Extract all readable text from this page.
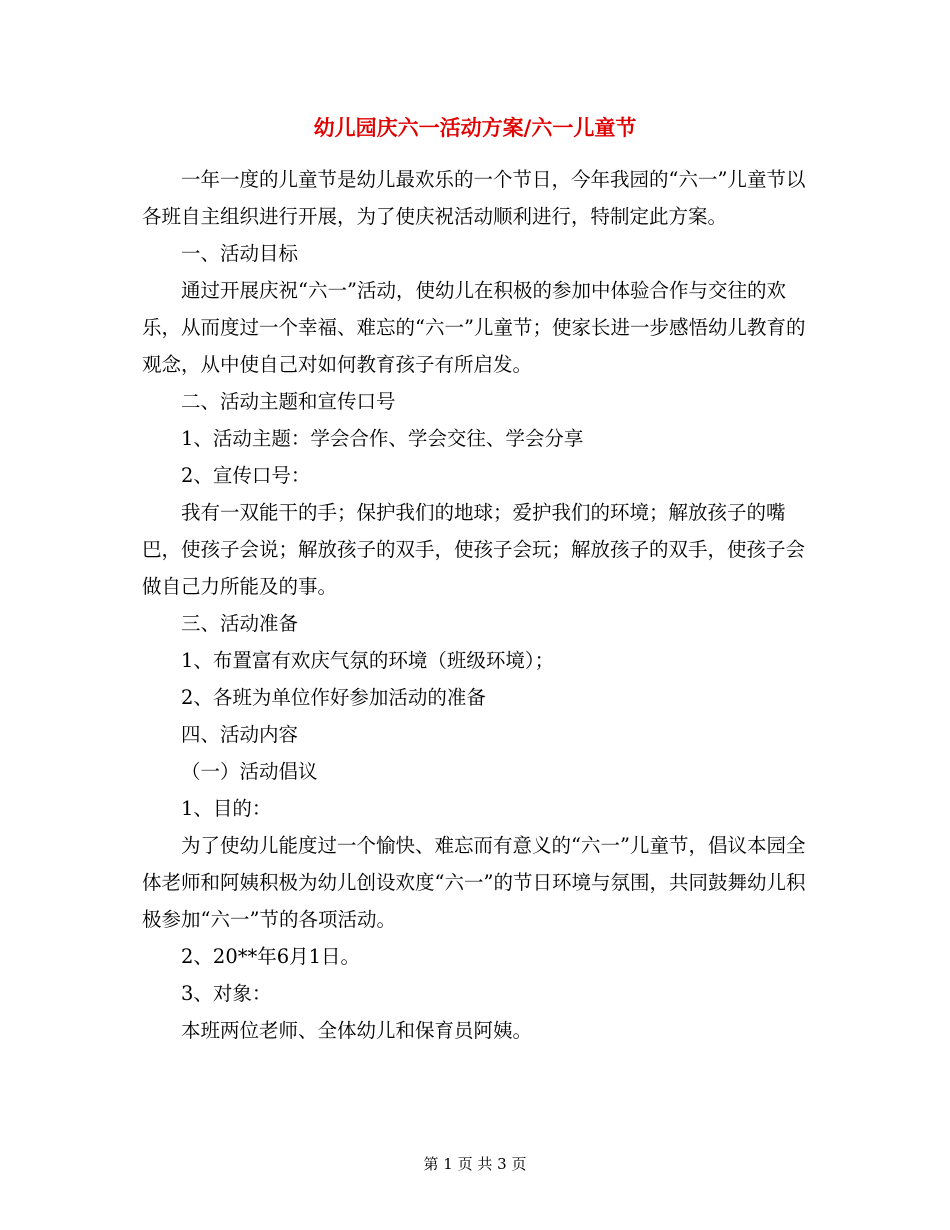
幼儿园庆六一活动方案/六一儿童节

一年一度的儿童节是幼儿最欢乐的一个节日，今年我园的“六一”儿童节以各班自主组织进行开展，为了使庆祝活动顺利进行，特制定此方案。

一、活动目标

通过开展庆祝“六一”活动，使幼儿在积极的参加中体验合作与交往的欢乐，从而度过一个幸福、难忘的“六一”儿童节；使家长进一步感悟幼儿教育的观念，从中使自己对如何教育孩子有所启发。

二、活动主题和宣传口号

1、活动主题：学会合作、学会交往、学会分享

2、宣传口号：

我有一双能干的手；保护我们的地球；爱护我们的环境；解放孩子的嘴巴，使孩子会说；解放孩子的双手，使孩子会玩；解放孩子的双手，使孩子会做自己力所能及的事。

三、活动准备

1、布置富有欢庆气氛的环境（班级环境）；

2、各班为单位作好参加活动的准备

四、活动内容

（一）活动倡议

1、目的：

为了使幼儿能度过一个愉快、难忘而有意义的“六一”儿童节，倡议本园全体老师和阿姨积极为幼儿创设欢度“六一”的节日环境与氛围，共同鼓舞幼儿积极参加“六一”节的各项活动。

2、20**年6月1日。

3、对象：

本班两位老师、全体幼儿和保育员阿姨。

第 1 页 共 3 页
